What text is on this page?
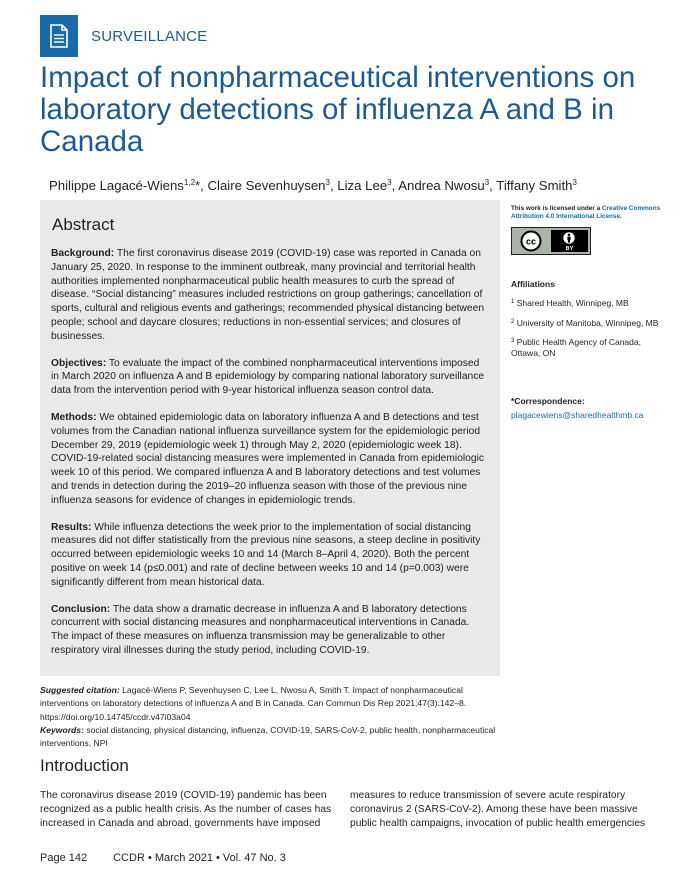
SURVEILLANCE
Impact of nonpharmaceutical interventions on laboratory detections of influenza A and B in Canada
Philippe Lagacé-Wiens$^{1,2}$*, Claire Sevenhuysen$^3$, Liza Lee$^3$, Andrea Nwosu$^3$, Tiffany Smith$^3$
Abstract

Background: The first coronavirus disease 2019 (COVID-19) case was reported in Canada on January 25, 2020. In response to the imminent outbreak, many provincial and territorial health authorities implemented nonpharmaceutical public health measures to curb the spread of disease. “Social distancing” measures included restrictions on group gatherings; cancellation of sports, cultural and religious events and gatherings; recommended physical distancing between people; school and daycare closures; reductions in non-essential services; and closures of businesses.

Objectives: To evaluate the impact of the combined nonpharmaceutical interventions imposed in March 2020 on influenza A and B epidemiology by comparing national laboratory surveillance data from the intervention period with 9-year historical influenza season control data.

Methods: We obtained epidemiologic data on laboratory influenza A and B detections and test volumes from the Canadian national influenza surveillance system for the epidemiologic period December 29, 2019 (epidemiologic week 1) through May 2, 2020 (epidemiologic week 18). COVID-19-related social distancing measures were implemented in Canada from epidemiologic week 10 of this period. We compared influenza A and B laboratory detections and test volumes and trends in detection during the 2019–20 influenza season with those of the previous nine influenza seasons for evidence of changes in epidemiologic trends.

Results: While influenza detections the week prior to the implementation of social distancing measures did not differ statistically from the previous nine seasons, a steep decline in positivity occurred between epidemiologic weeks 10 and 14 (March 8–April 4, 2020). Both the percent positive on week 14 (p≤0.001) and rate of decline between weeks 10 and 14 (p=0.003) were significantly different from mean historical data.

Conclusion: The data show a dramatic decrease in influenza A and B laboratory detections concurrent with social distancing measures and nonpharmaceutical interventions in Canada. The impact of these measures on influenza transmission may be generalizable to other respiratory viral illnesses during the study period, including COVID-19.

This work is licensed under a Creative Commons Attribution 4.0 International License.
cc
BY
Affiliations
$^1$ Shared Health, Winnipeg, MB
$^2$ University of Manitoba, Winnipeg, MB
$^3$ Public Health Agency of Canada, Ottawa, ON
*Correspondence:
plagacewiens@sharedhealthmb.ca
Suggested citation: Lagacé-Wiens P, Sevenhuysen C, Lee L, Nwosu A, Smith T. Impact of nonpharmaceutical interventions on laboratory detections of influenza A and B in Canada. Can Commun Dis Rep 2021;47(3):142–8. https://doi.org/10.14745/ccdr.v47i03a04
Keywords: social distancing, physical distancing, influenza, COVID-19, SARS-CoV-2, public health, nonpharmaceutical interventions, NPI
Introduction

The coronavirus disease 2019 (COVID-19) pandemic has been recognized as a public health crisis. As the number of cases has increased in Canada and abroad, governments have imposed

measures to reduce transmission of severe acute respiratory coronavirus 2 (SARS-CoV-2). Among these have been massive public health campaigns, invocation of public health emergencies

Page 142 CCDR • March 2021 • Vol. 47 No. 3
